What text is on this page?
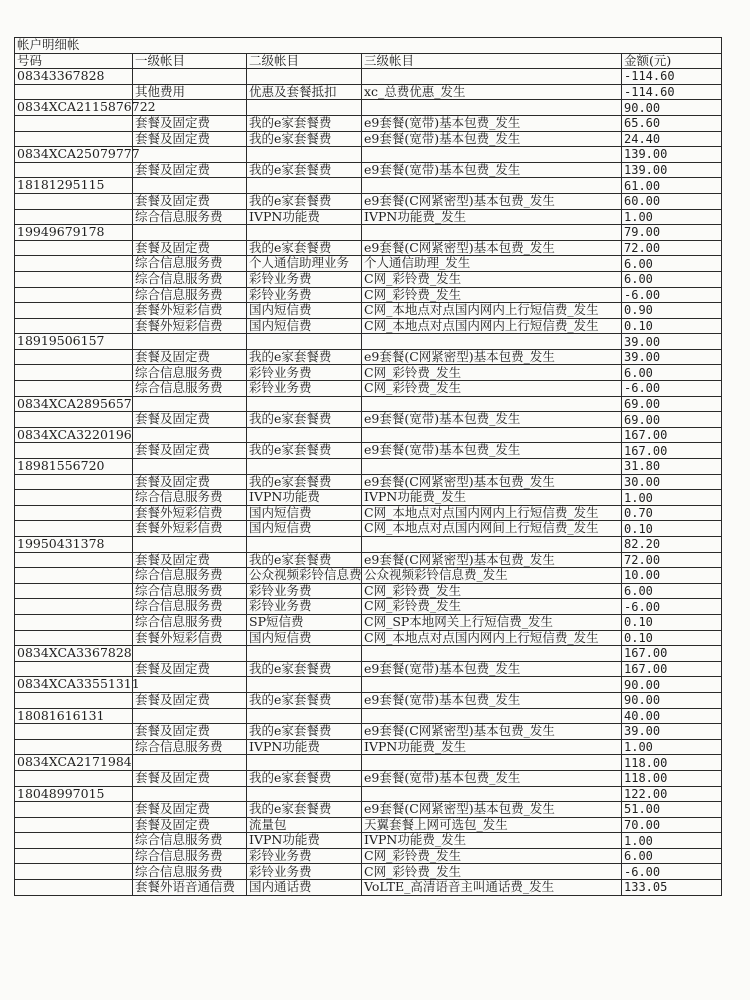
帐户明细帐				
号码	一级帐目	二级帐目	三级帐目	金额(元)
08343367828				-114.60
	其他费用	优惠及套餐抵扣	xc_总费优惠_发生	-114.60
0834XCA2115876722				90.00
	套餐及固定费	我的e家套餐费	e9套餐(宽带)基本包费_发生	65.60
	套餐及固定费	我的e家套餐费	e9套餐(宽带)基本包费_发生	24.40
0834XCA25079777				139.00
	套餐及固定费	我的e家套餐费	e9套餐(宽带)基本包费_发生	139.00
18181295115				61.00
	套餐及固定费	我的e家套餐费	e9套餐(C网紧密型)基本包费_发生	60.00
	综合信息服务费	IVPN功能费	IVPN功能费_发生	1.00
19949679178				79.00
	套餐及固定费	我的e家套餐费	e9套餐(C网紧密型)基本包费_发生	72.00
	综合信息服务费	个人通信助理业务	个人通信助理_发生	6.00
	综合信息服务费	彩铃业务费	C网_彩铃费_发生	6.00
	综合信息服务费	彩铃业务费	C网_彩铃费_发生	-6.00
	套餐外短彩信费	国内短信费	C网_本地点对点国内网内上行短信费_发生	0.90
	套餐外短彩信费	国内短信费	C网_本地点对点国内网内上行短信费_发生	0.10
18919506157				39.00
	套餐及固定费	我的e家套餐费	e9套餐(C网紧密型)基本包费_发生	39.00
	综合信息服务费	彩铃业务费	C网_彩铃费_发生	6.00
	综合信息服务费	彩铃业务费	C网_彩铃费_发生	-6.00
0834XCA2895657				69.00
	套餐及固定费	我的e家套餐费	e9套餐(宽带)基本包费_发生	69.00
0834XCA3220196				167.00
	套餐及固定费	我的e家套餐费	e9套餐(宽带)基本包费_发生	167.00
18981556720				31.80
	套餐及固定费	我的e家套餐费	e9套餐(C网紧密型)基本包费_发生	30.00
	综合信息服务费	IVPN功能费	IVPN功能费_发生	1.00
	套餐外短彩信费	国内短信费	C网_本地点对点国内网内上行短信费_发生	0.70
	套餐外短彩信费	国内短信费	C网_本地点对点国内网间上行短信费_发生	0.10
19950431378				82.20
	套餐及固定费	我的e家套餐费	e9套餐(C网紧密型)基本包费_发生	72.00
	综合信息服务费	公众视频彩铃信息费	公众视频彩铃信息费_发生	10.00
	综合信息服务费	彩铃业务费	C网_彩铃费_发生	6.00
	综合信息服务费	彩铃业务费	C网_彩铃费_发生	-6.00
	综合信息服务费	SP短信费	C网_SP本地网关上行短信费_发生	0.10
	套餐外短彩信费	国内短信费	C网_本地点对点国内网内上行短信费_发生	0.10
0834XCA3367828				167.00
	套餐及固定费	我的e家套餐费	e9套餐(宽带)基本包费_发生	167.00
0834XCA33551311				90.00
	套餐及固定费	我的e家套餐费	e9套餐(宽带)基本包费_发生	90.00
18081616131				40.00
	套餐及固定费	我的e家套餐费	e9套餐(C网紧密型)基本包费_发生	39.00
	综合信息服务费	IVPN功能费	IVPN功能费_发生	1.00
0834XCA2171984				118.00
	套餐及固定费	我的e家套餐费	e9套餐(宽带)基本包费_发生	118.00
18048997015				122.00
	套餐及固定费	我的e家套餐费	e9套餐(C网紧密型)基本包费_发生	51.00
	套餐及固定费	流量包	天翼套餐上网可选包_发生	70.00
	综合信息服务费	IVPN功能费	IVPN功能费_发生	1.00
	综合信息服务费	彩铃业务费	C网_彩铃费_发生	6.00
	综合信息服务费	彩铃业务费	C网_彩铃费_发生	-6.00
	套餐外语音通信费	国内通话费	VoLTE_高清语音主叫通话费_发生	133.05
